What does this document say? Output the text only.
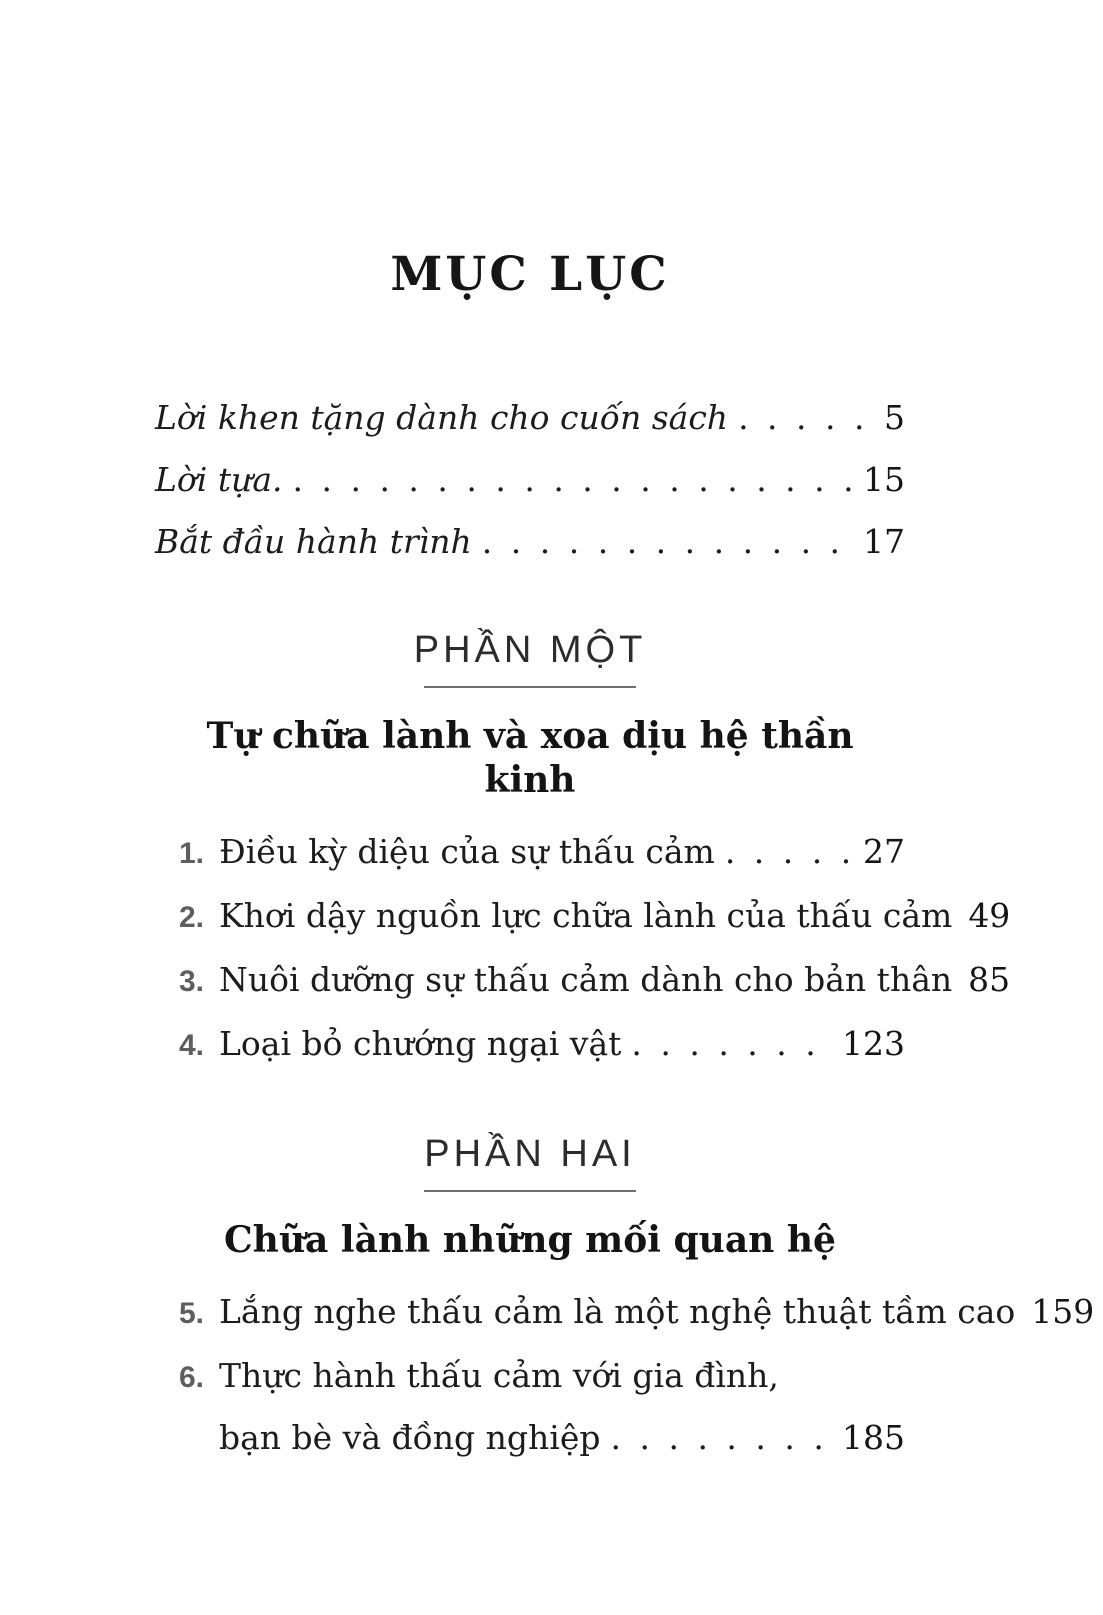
MỤC LỤC
Lời khen tặng dành cho cuốn sách . . .	5
Lời tựa. . . .	15
Bắt đầu hành trình . . .	17
PHẦN MỘT
Tự chữa lành và xoa dịu hệ thần kinh
1. Điều kỳ diệu của sự thấu cảm . . .	27
2. Khơi dậy nguồn lực chữa lành của thấu cảm 49
3. Nuôi dưỡng sự thấu cảm dành cho bản thân 85
4. Loại bỏ chướng ngại vật . . .	123
PHẦN HAI
Chữa lành những mối quan hệ
5. Lắng nghe thấu cảm là một nghệ thuật tầm cao 159
6. Thực hành thấu cảm với gia đình,
bạn bè và đồng nghiệp . . .	185
